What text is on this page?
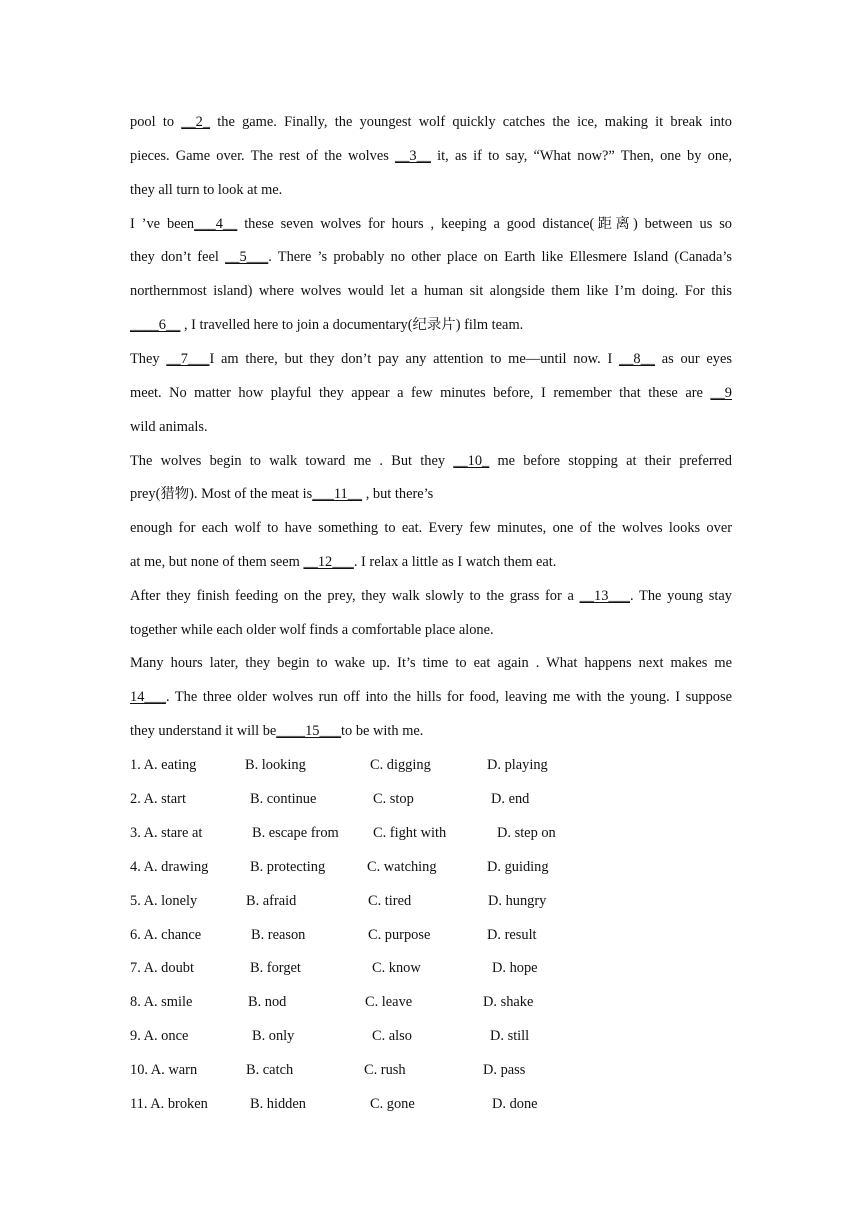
pool to __2_ the game. Finally, the youngest wolf quickly catches the ice, making it break into
pieces. Game over. The rest of the wolves __3__ it, as if to say, “What now?” Then, one by one,
they all turn to look at me.
I ’ve been___4__ these seven wolves for hours , keeping a good distance(距离) between us so
they don’t feel __5___. There ’s probably no other place on Earth like Ellesmere Island (Canada’s
northernmost island) where wolves would let a human sit alongside them like I’m doing. For this
____6__ , I travelled here to join a documentary(纪录片) film team.
They __7___I am there, but they don’t pay any attention to me—until now. I __8__ as our eyes
meet. No matter how playful they appear a few minutes before, I remember that these are __9
wild animals.
The wolves begin to walk toward me . But they __10_ me before stopping at their preferred
prey(猎物). Most of the meat is___11__ , but there’s
enough for each wolf to have something to eat. Every few minutes, one of the wolves looks over
at me, but none of them seem __12___. I relax a little as I watch them eat.
After they finish feeding on the prey, they walk slowly to the grass for a __13___. The young stay
together while each older wolf finds a comfortable place alone.
Many hours later, they begin to wake up. It’s time to eat again . What happens next makes me
14___. The three older wolves run off into the hills for food, leaving me with the young. I suppose
they understand it will be____15___to be with me.
1. A. eating	B. looking	C. digging	D. playing
2. A. start	B. continue	C. stop	D. end
3. A. stare at	B. escape from C. fight with	D. step on
4. A. drawing	B. protecting	C. watching	D. guiding
5. A. lonely	B. afraid	C. tired	D. hungry
6. A. chance	B. reason	C. purpose	D. result
7. A. doubt	B. forget	C. know	D. hope
8. A. smile	B. nod	C. leave	D. shake
9. A. once	B. only	C. also	D. still
10. A. warn	B. catch	C. rush	D. pass
11. A. broken	B. hidden	C. gone	D. done
